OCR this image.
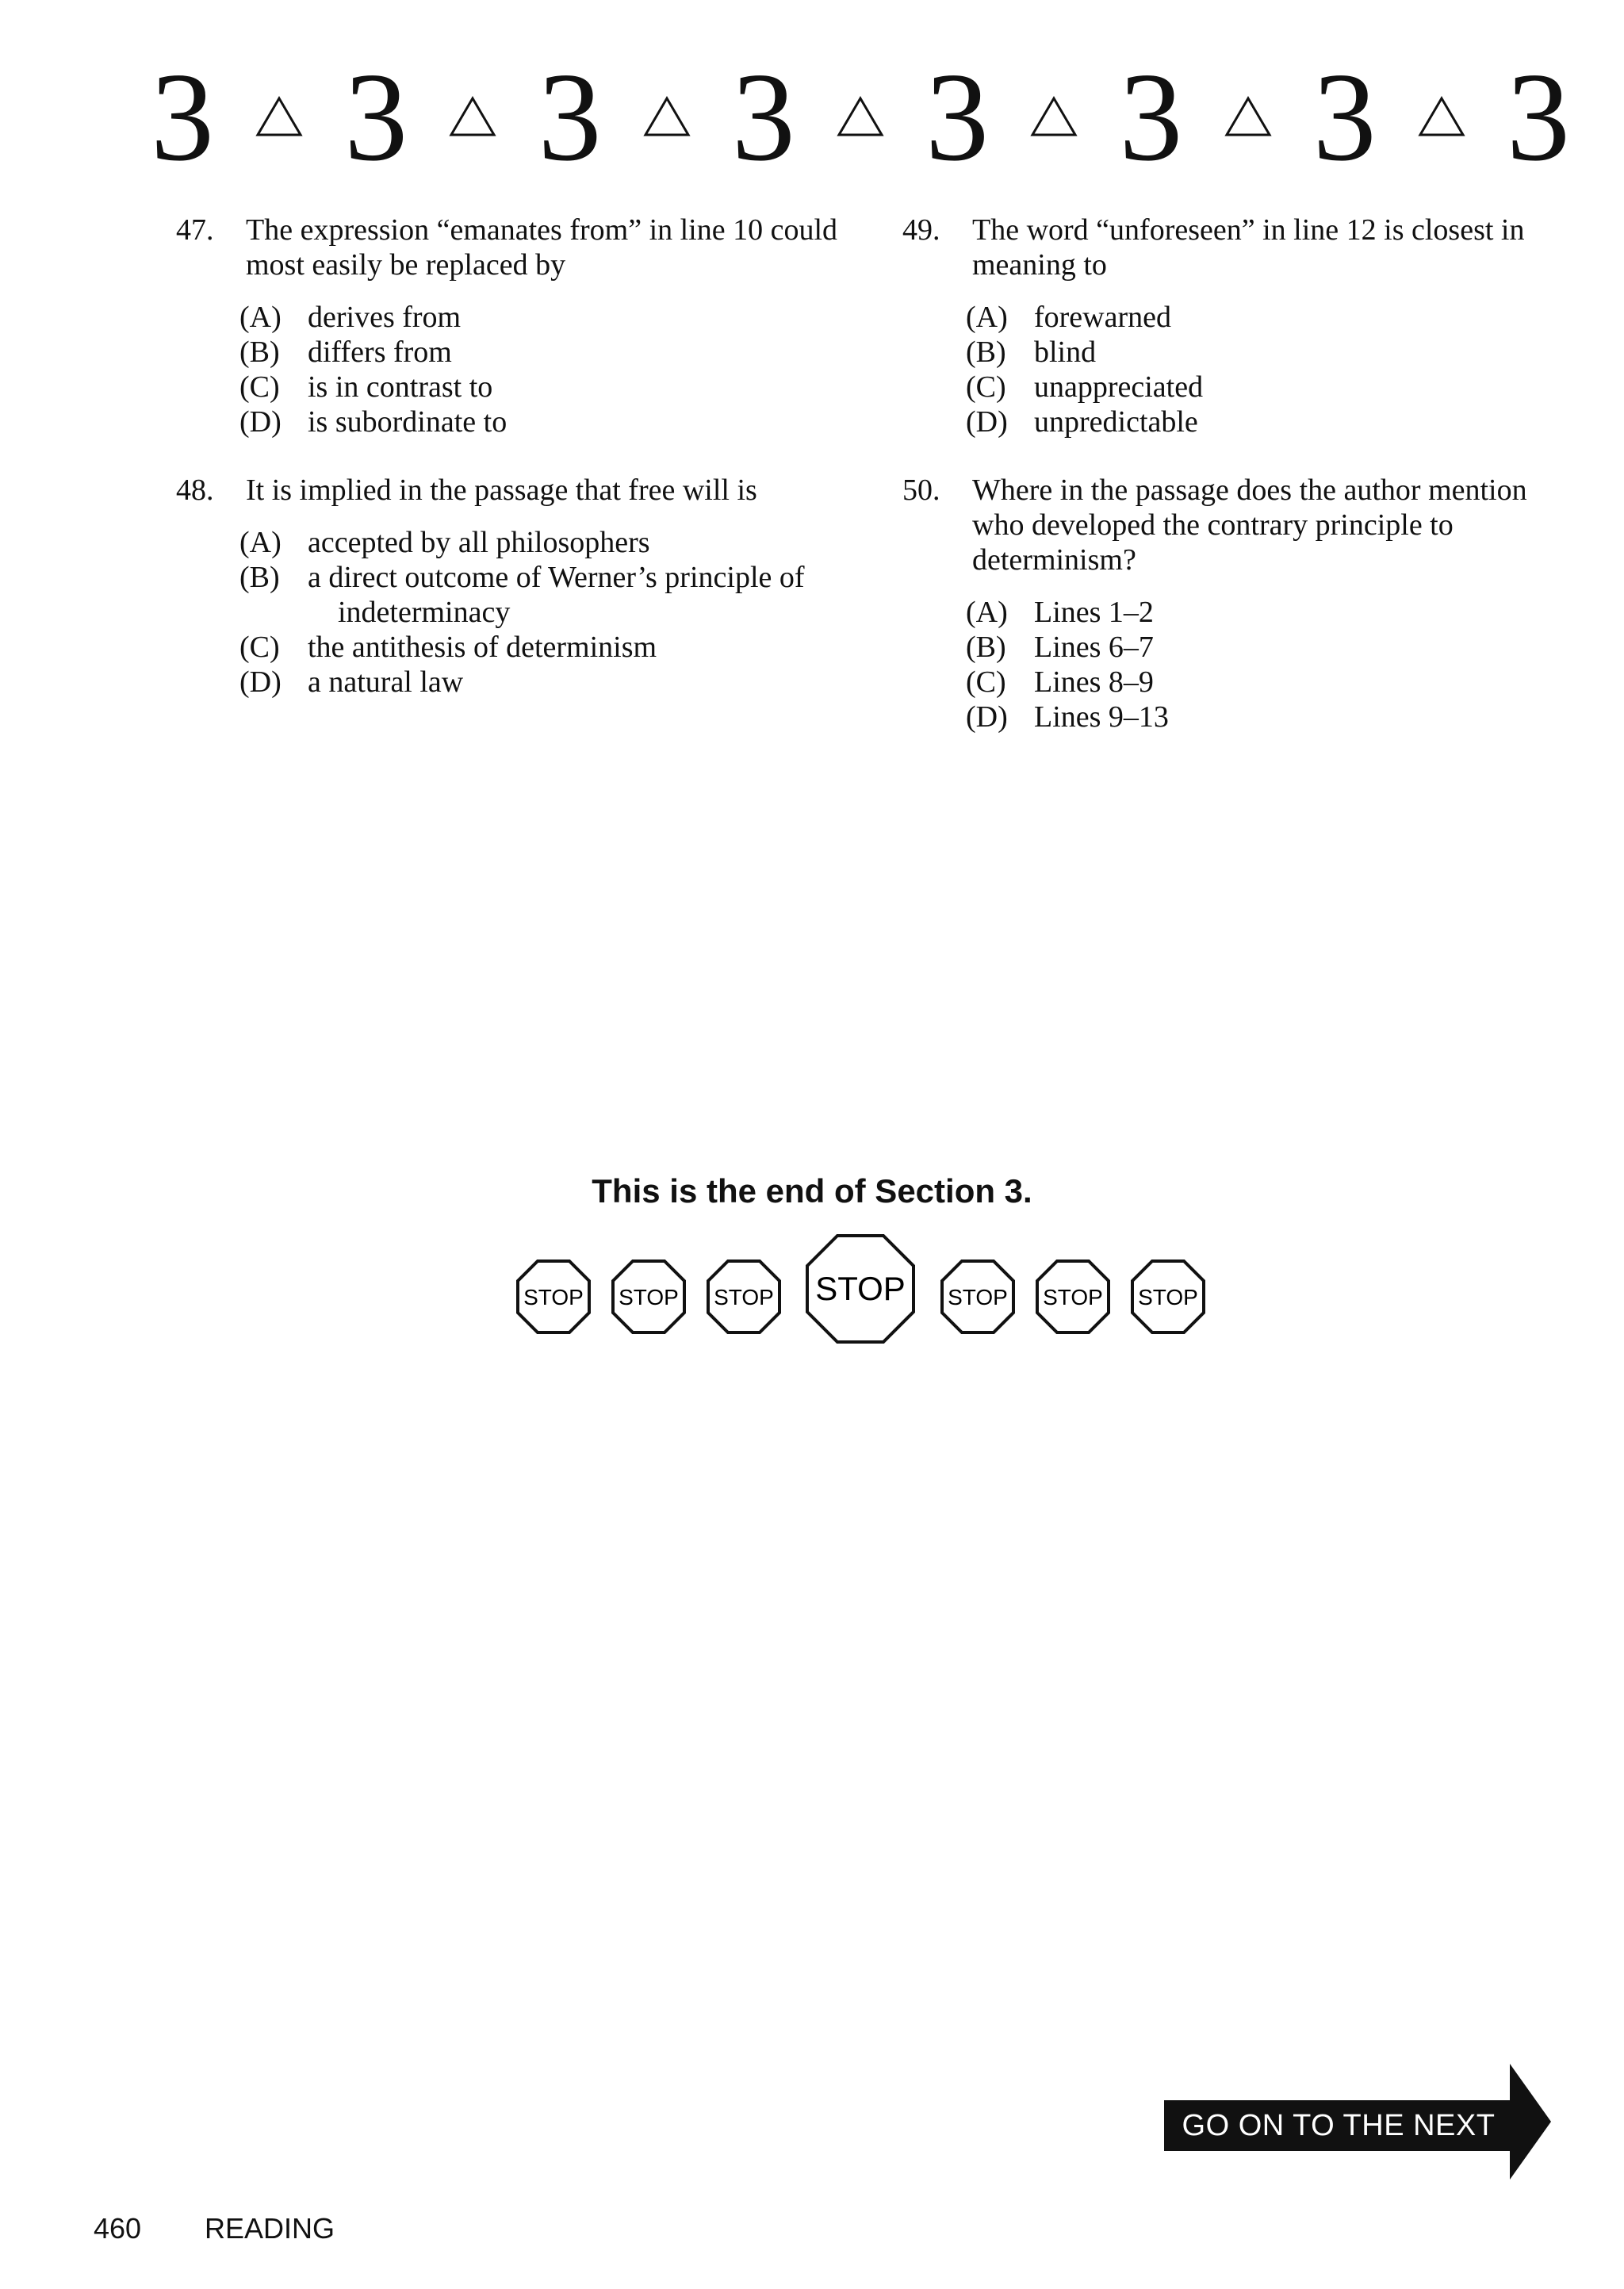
3 3 3 3 3 3 3 3
47. The expression “emanates from” in line 10 could most easily be replaced by
(A) derives from
(B) differs from
(C) is in contrast to
(D) is subordinate to
48. It is implied in the passage that free will is
(A) accepted by all philosophers
(B) a direct outcome of Werner’s principle of indeterminacy
(C) the antithesis of determinism
(D) a natural law
49. The word “unforeseen” in line 12 is closest in meaning to
(A) forewarned
(B) blind
(C) unappreciated
(D) unpredictable
50. Where in the passage does the author mention who developed the contrary principle to determinism?
(A) Lines 1–2
(B) Lines 6–7
(C) Lines 8–9
(D) Lines 9–13
This is the end of Section 3.
STOP STOP STOP STOP STOP STOP STOP
GO ON TO THE NEXT PAGE
460 READING
